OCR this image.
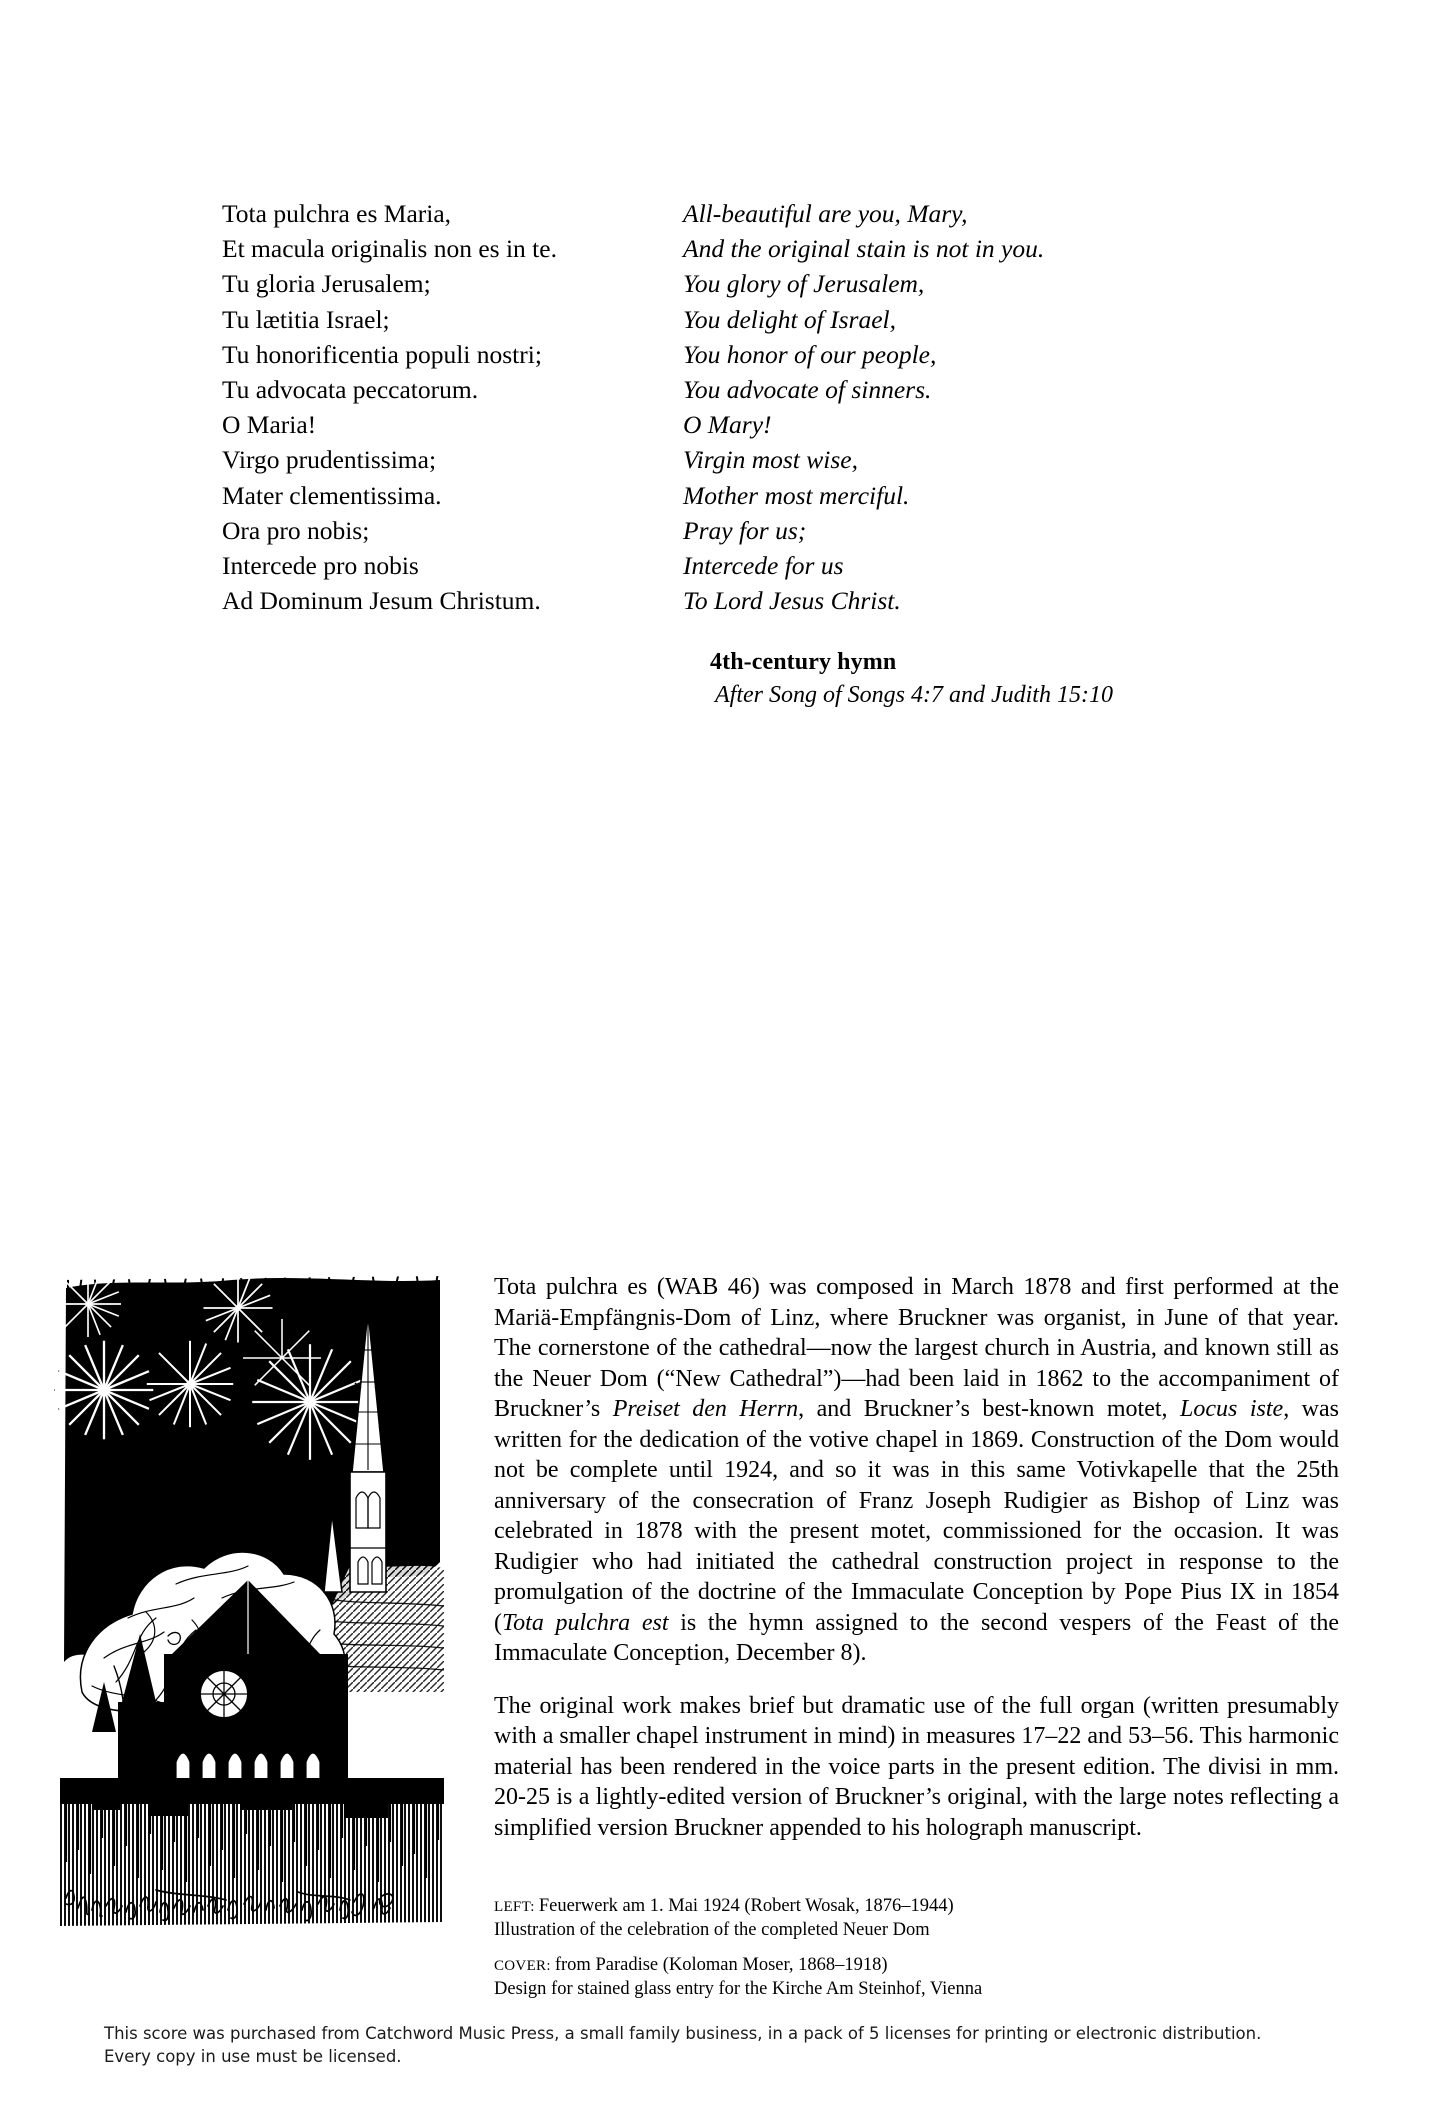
Tota pulchra es Maria,	All-beautiful are you, Mary,
Et macula originalis non es in te.	And the original stain is not in you.
Tu gloria Jerusalem;	You glory of Jerusalem,
Tu lætitia Israel;	You delight of Israel,
Tu honorificentia populi nostri;	You honor of our people,
Tu advocata peccatorum.	You advocate of sinners.
O Maria!	O Mary!
Virgo prudentissima;	Virgin most wise,
Mater clementissima.	Mother most merciful.
Ora pro nobis;	Pray for us;
Intercede pro nobis	Intercede for us
Ad Dominum Jesum Christum.	To Lord Jesus Christ.
4th-century hymn
After Song of Songs 4:7 and Judith 15:10

Tota pulchra es (WAB 46) was composed in March 1878 and first performed at the Mariä-Empfängnis-Dom of Linz, where Bruckner was organist, in June of that year. The cornerstone of the cathedral—now the largest church in Austria, and known still as the Neuer Dom (“New Cathedral”)—had been laid in 1862 to the accompaniment of Bruckner’s Preiset den Herrn, and Bruckner’s best-known motet, Locus iste, was written for the dedication of the votive chapel in 1869. Construction of the Dom would not be complete until 1924, and so it was in this same Votivkapelle that the 25th anniversary of the consecration of Franz Joseph Rudigier as Bishop of Linz was celebrated in 1878 with the present motet, commissioned for the occasion. It was Rudigier who had initiated the cathedral construction project in response to the promulgation of the doctrine of the Immaculate Conception by Pope Pius IX in 1854 (Tota pulchra est is the hymn assigned to the second vespers of the Feast of the Immaculate Conception, December 8).

The original work makes brief but dramatic use of the full organ (written presumably with a smaller chapel instrument in mind) in measures 17–22 and 53–56. This harmonic material has been rendered in the voice parts in the present edition. The divisi in mm. 20-25 is a lightly-edited version of Bruckner’s original, with the large notes reflecting a simplified version Bruckner appended to his holograph manuscript.

LEFT: Feuerwerk am 1. Mai 1924 (Robert Wosak, 1876–1944)
Illustration of the celebration of the completed Neuer Dom
COVER: from Paradise (Koloman Moser, 1868–1918)
Design for stained glass entry for the Kirche Am Steinhof, Vienna
This score was purchased from Catchword Music Press, a small family business, in a pack of 5 licenses for printing or electronic distribution.
Every copy in use must be licensed.
